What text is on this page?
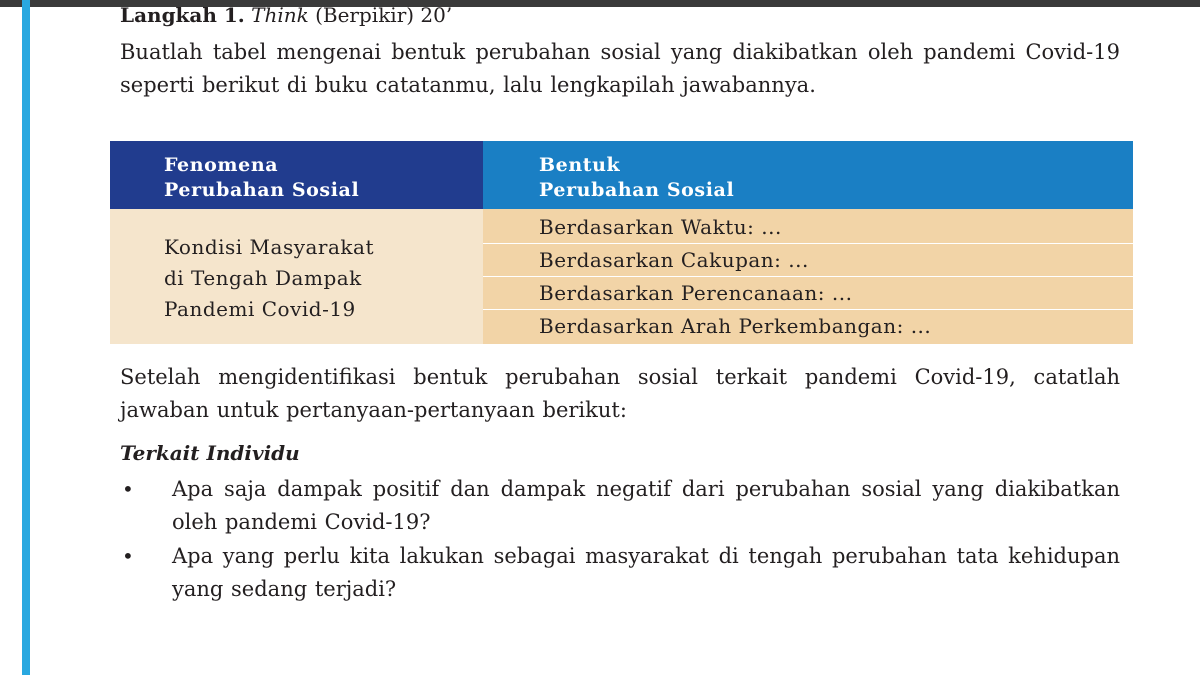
Langkah 1. Think (Berpikir) 20’
Buatlah tabel mengenai bentuk perubahan sosial yang diakibatkan oleh pandemi Covid-19 seperti berikut di buku catatanmu, lalu lengkapilah jawabannya.
Fenomena
Perubahan Sosial
Bentuk
Perubahan Sosial
Kondisi Masyarakat
di Tengah Dampak
Pandemi Covid-19
Berdasarkan Waktu: ...
Berdasarkan Cakupan: ...
Berdasarkan Perencanaan: ...
Berdasarkan Arah Perkembangan: ...
Setelah mengidentifikasi bentuk perubahan sosial terkait pandemi Covid-19, catatlah jawaban untuk pertanyaan-pertanyaan berikut:
Terkait Individu
• Apa saja dampak positif dan dampak negatif dari perubahan sosial yang diakibatkan oleh pandemi Covid-19?
• Apa yang perlu kita lakukan sebagai masyarakat di tengah perubahan tata kehidupan yang sedang terjadi?
